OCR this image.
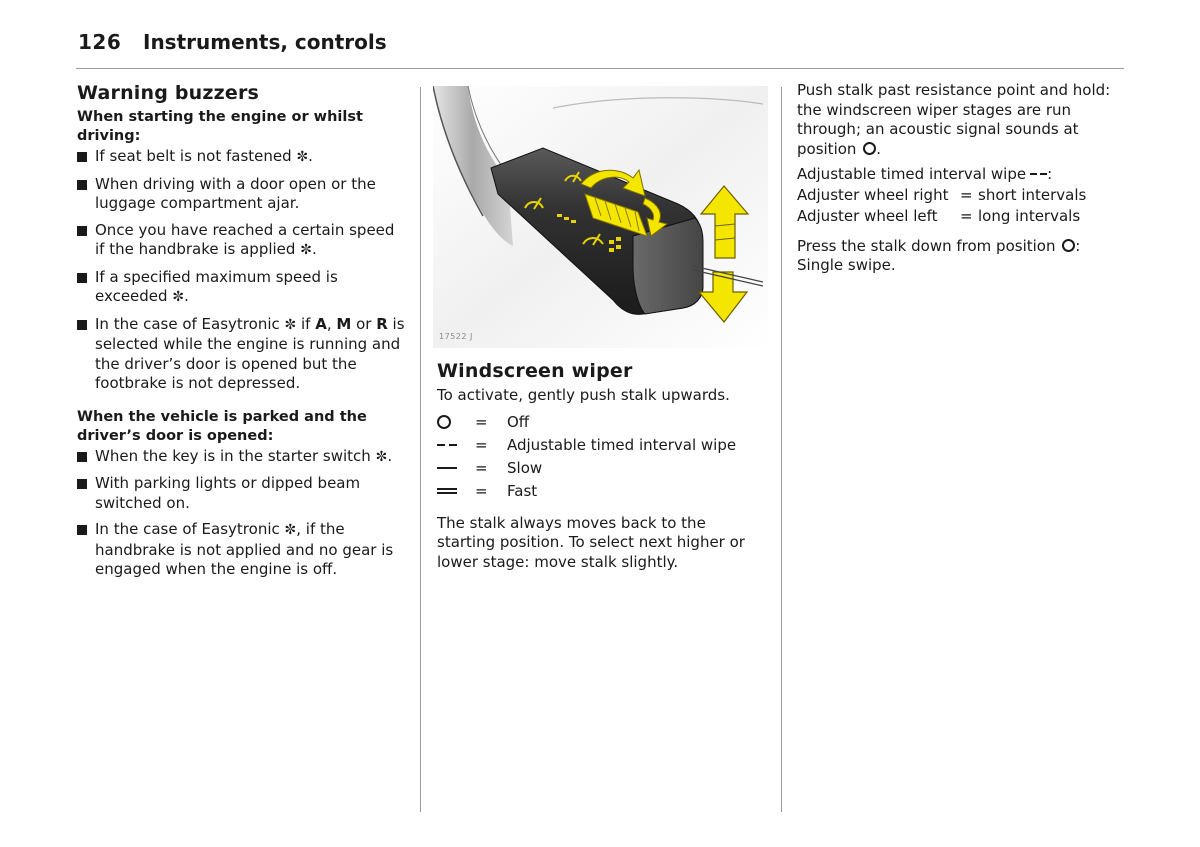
126 Instruments, controls
Warning buzzers
When starting the engine or whilst driving:
If seat belt is not fastened ✼.
When driving with a door open or the luggage compartment ajar.
Once you have reached a certain speed if the handbrake is applied ✼.
If a specified maximum speed is exceeded ✼.
In the case of Easytronic ✼ if A, M or R is selected while the engine is running and the driver’s door is opened but the footbrake is not depressed.
When the vehicle is parked and the driver’s door is opened:
When the key is in the starter switch ✼.
With parking lights or dipped beam switched on.
In the case of Easytronic ✼, if the handbrake is not applied and no gear is engaged when the engine is off.
17522 J
Windscreen wiper
To activate, gently push stalk upwards.
=	Off
=	Adjustable timed interval wipe
=	Slow
=	Fast
The stalk always moves back to the starting position. To select next higher or lower stage: move stalk slightly.
Push stalk past resistance point and hold: the windscreen wiper stages are run through; an acoustic signal sounds at position .
Adjustable timed interval wipe :
Adjuster wheel right = short intervals
Adjuster wheel left	= long intervals
Press the stalk down from position :
Single swipe.
